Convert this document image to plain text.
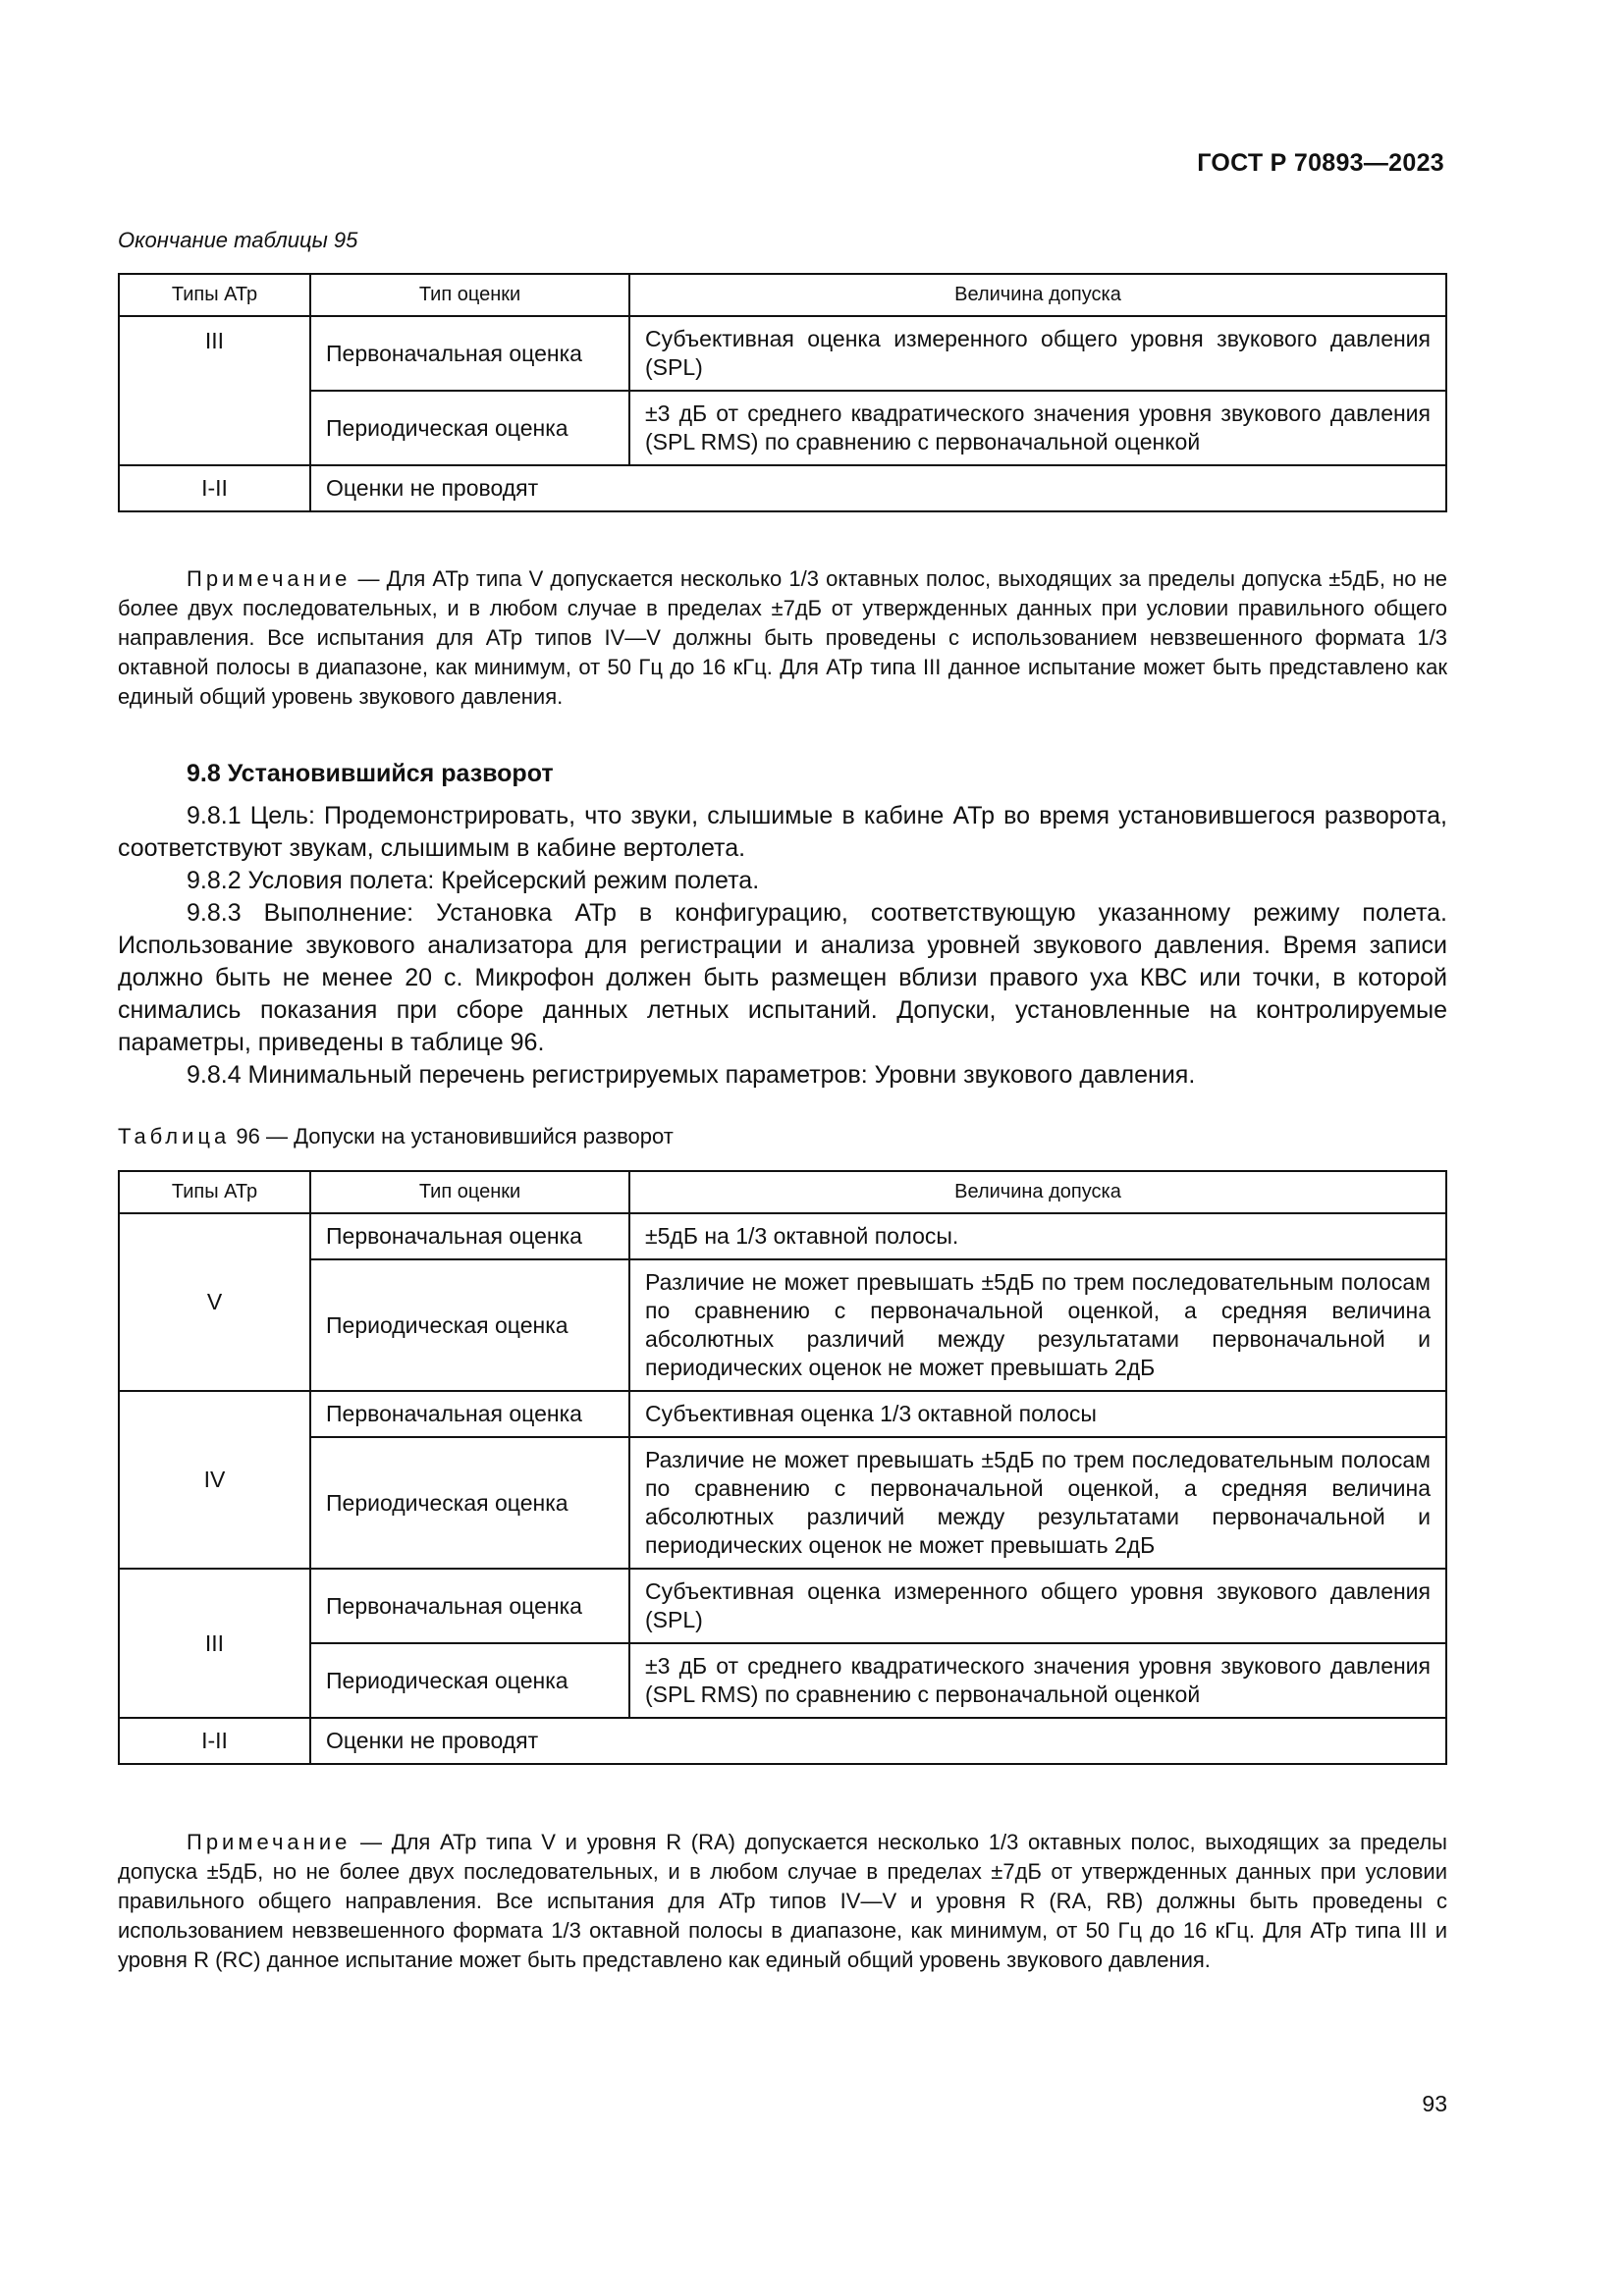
ГОСТ Р 70893—2023
Окончание таблицы 95
Типы АТр	Тип оценки	Величина допуска
III	Первоначальная оценка	Субъективная оценка измеренного общего уровня звукового давления (SPL)
	Периодическая оценка	±3 дБ от среднего квадратического значения уровня звукового давления (SPL RMS) по сравнению с первоначальной оценкой
I-II	Оценки не проводят	

Примечание — Для АТр типа V допускается несколько 1/3 октавных полос, выходящих за пределы допуска ±5дБ, но не более двух последовательных, и в любом случае в пределах ±7дБ от утвержденных данных при условии правильного общего направления. Все испытания для АТр типов IV—V должны быть проведены с использованием невзвешенного формата 1/3 октавной полосы в диапазоне, как минимум, от 50 Гц до 16 кГц. Для АТр типа III данное испытание может быть представлено как единый общий уровень звукового давления.

9.8 Установившийся разворот

9.8.1 Цель: Продемонстрировать, что звуки, слышимые в кабине АТр во время установившегося разворота, соответствуют звукам, слышимым в кабине вертолета.

9.8.2 Условия полета: Крейсерский режим полета.

9.8.3 Выполнение: Установка АТр в конфигурацию, соответствующую указанному режиму полета. Использование звукового анализатора для регистрации и анализа уровней звукового давления. Время записи должно быть не менее 20 с. Микрофон должен быть размещен вблизи правого уха КВС или точки, в которой снимались показания при сборе данных летных испытаний. Допуски, установленные на контролируемые параметры, приведены в таблице 96.

9.8.4 Минимальный перечень регистрируемых параметров: Уровни звукового давления.

Таблица 96 — Допуски на установившийся разворот
Типы АТр	Тип оценки	Величина допуска
V	Первоначальная оценка	±5дБ на 1/3 октавной полосы.
	Периодическая оценка	Различие не может превышать ±5дБ по трем последовательным полосам по сравнению с первоначальной оценкой, а средняя величина абсолютных различий между результатами первоначальной и периодических оценок не может превышать 2дБ
IV	Первоначальная оценка	Субъективная оценка 1/3 октавной полосы
	Периодическая оценка	Различие не может превышать ±5дБ по трем последовательным полосам по сравнению с первоначальной оценкой, а средняя величина абсолютных различий между результатами первоначальной и периодических оценок не может превышать 2дБ
III	Первоначальная оценка	Субъективная оценка измеренного общего уровня звукового давления (SPL)
	Периодическая оценка	±3 дБ от среднего квадратического значения уровня звукового давления (SPL RMS) по сравнению с первоначальной оценкой
I-II	Оценки не проводят	

Примечание — Для АТр типа V и уровня R (RA) допускается несколько 1/3 октавных полос, выходящих за пределы допуска ±5дБ, но не более двух последовательных, и в любом случае в пределах ±7дБ от утвержденных данных при условии правильного общего направления. Все испытания для АТр типов IV—V и уровня R (RA, RB) должны быть проведены с использованием невзвешенного формата 1/3 октавной полосы в диапазоне, как минимум, от 50 Гц до 16 кГц. Для АТр типа III и уровня R (RC) данное испытание может быть представлено как единый общий уровень звукового давления.

93
